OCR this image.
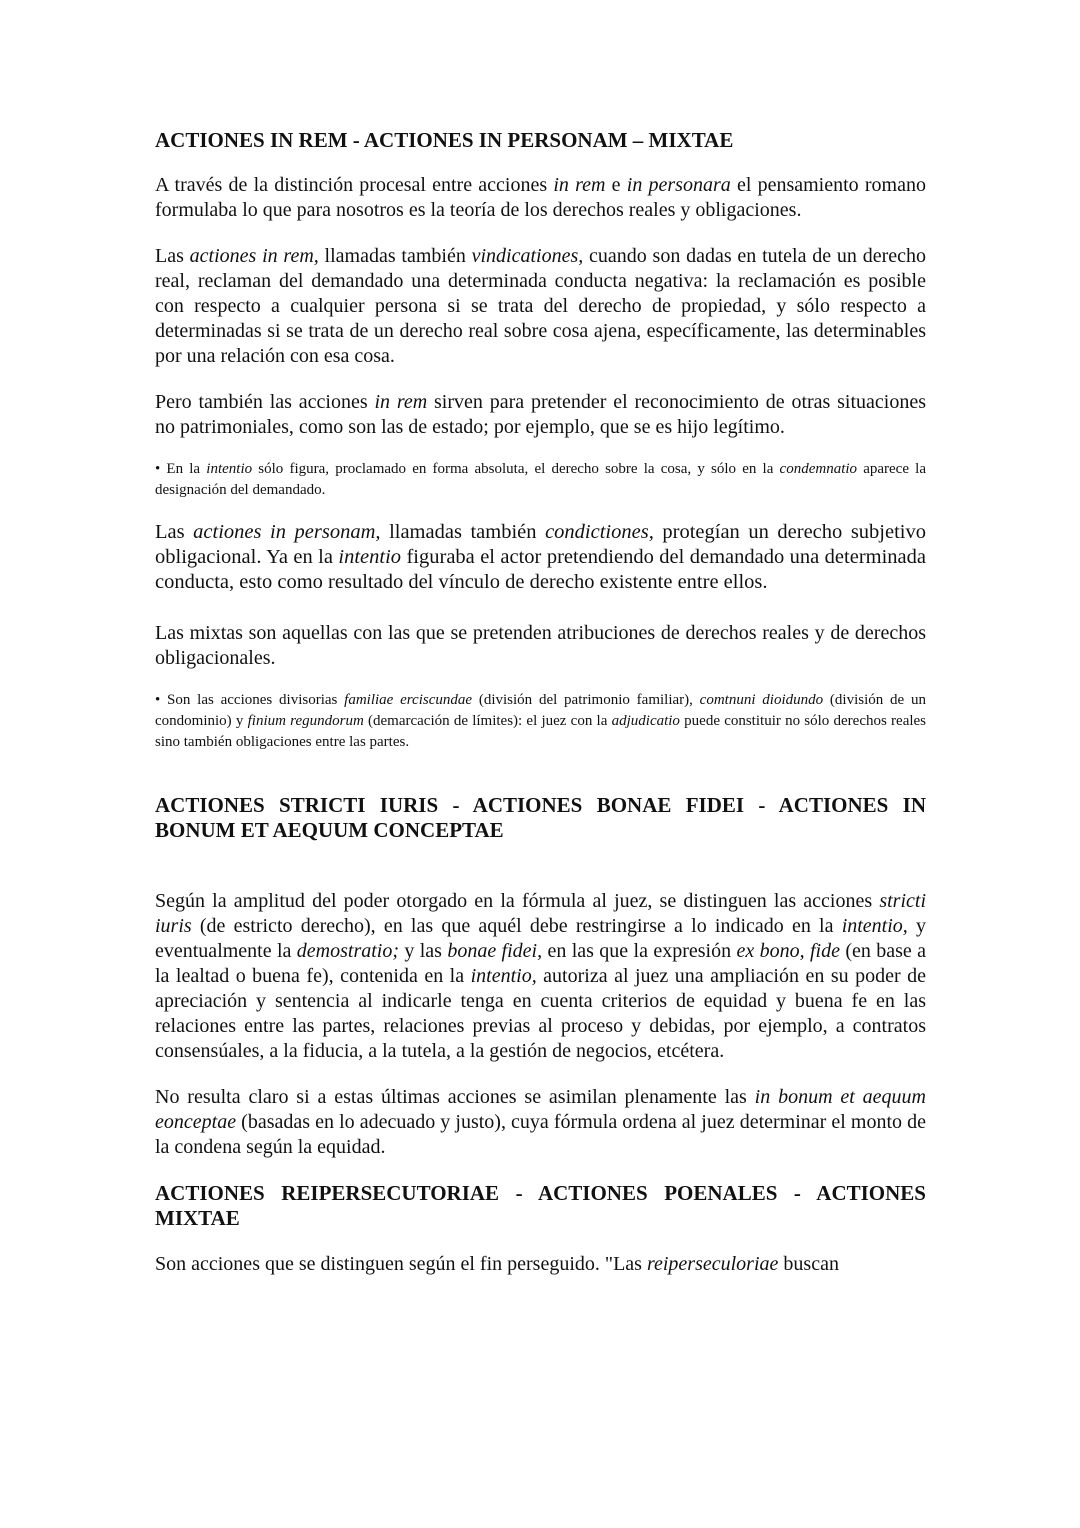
ACTIONES IN REM - ACTIONES IN PERSONAM – MIXTAE

A través de la distinción procesal entre acciones in rem e in personara el pensamiento romano formulaba lo que para nosotros es la teoría de los derechos reales y obligaciones.

Las actiones in rem, llamadas también vindicationes, cuando son dadas en tutela de un derecho real, reclaman del demandado una determinada conducta negativa: la reclamación es posible con respecto a cualquier persona si se trata del derecho de propiedad, y sólo respecto a determinadas si se trata de un derecho real sobre cosa ajena, específicamente, las determinables por una relación con esa cosa.

Pero también las acciones in rem sirven para pretender el reconocimiento de otras situaciones no patrimoniales, como son las de estado; por ejemplo, que se es hijo legítimo.

• En la intentio sólo figura, proclamado en forma absoluta, el derecho sobre la cosa, y sólo en la condemnatio aparece la designación del demandado.

Las actiones in personam, llamadas también condictiones, protegían un derecho subjetivo obligacional. Ya en la intentio figuraba el actor pretendiendo del demandado una determinada conducta, esto como resultado del vínculo de derecho existente entre ellos.

Las mixtas son aquellas con las que se pretenden atribuciones de derechos reales y de derechos obligacionales.

• Son las acciones divisorias familiae erciscundae (división del patrimonio familiar), comtnuni dioidundo (división de un condominio) y finium regundorum (demarcación de límites): el juez con la adjudicatio puede constituir no sólo derechos reales sino también obligaciones entre las partes.

ACTIONES STRICTI IURIS - ACTIONES BONAE FIDEI - ACTIONES IN BONUM ET AEQUUM CONCEPTAE

Según la amplitud del poder otorgado en la fórmula al juez, se distinguen las acciones stricti iuris (de estricto derecho), en las que aquél debe restringirse a lo indicado en la intentio, y eventualmente la demostratio; y las bonae fidei, en las que la expresión ex bono, fide (en base a la lealtad o buena fe), contenida en la intentio, autoriza al juez una ampliación en su poder de apreciación y sentencia al indicarle tenga en cuenta criterios de equidad y buena fe en las relaciones entre las partes, relaciones previas al proceso y debidas, por ejemplo, a contratos consensúales, a la fiducia, a la tutela, a la gestión de negocios, etcétera.

No resulta claro si a estas últimas acciones se asimilan plenamente las in bonum et aequum eonceptae (basadas en lo adecuado y justo), cuya fórmula ordena al juez determinar el monto de la condena según la equidad.

ACTIONES REIPERSECUTORIAE - ACTIONES POENALES - ACTIONES MIXTAE

Son acciones que se distinguen según el fin perseguido. "Las reiperseculoriae buscan
